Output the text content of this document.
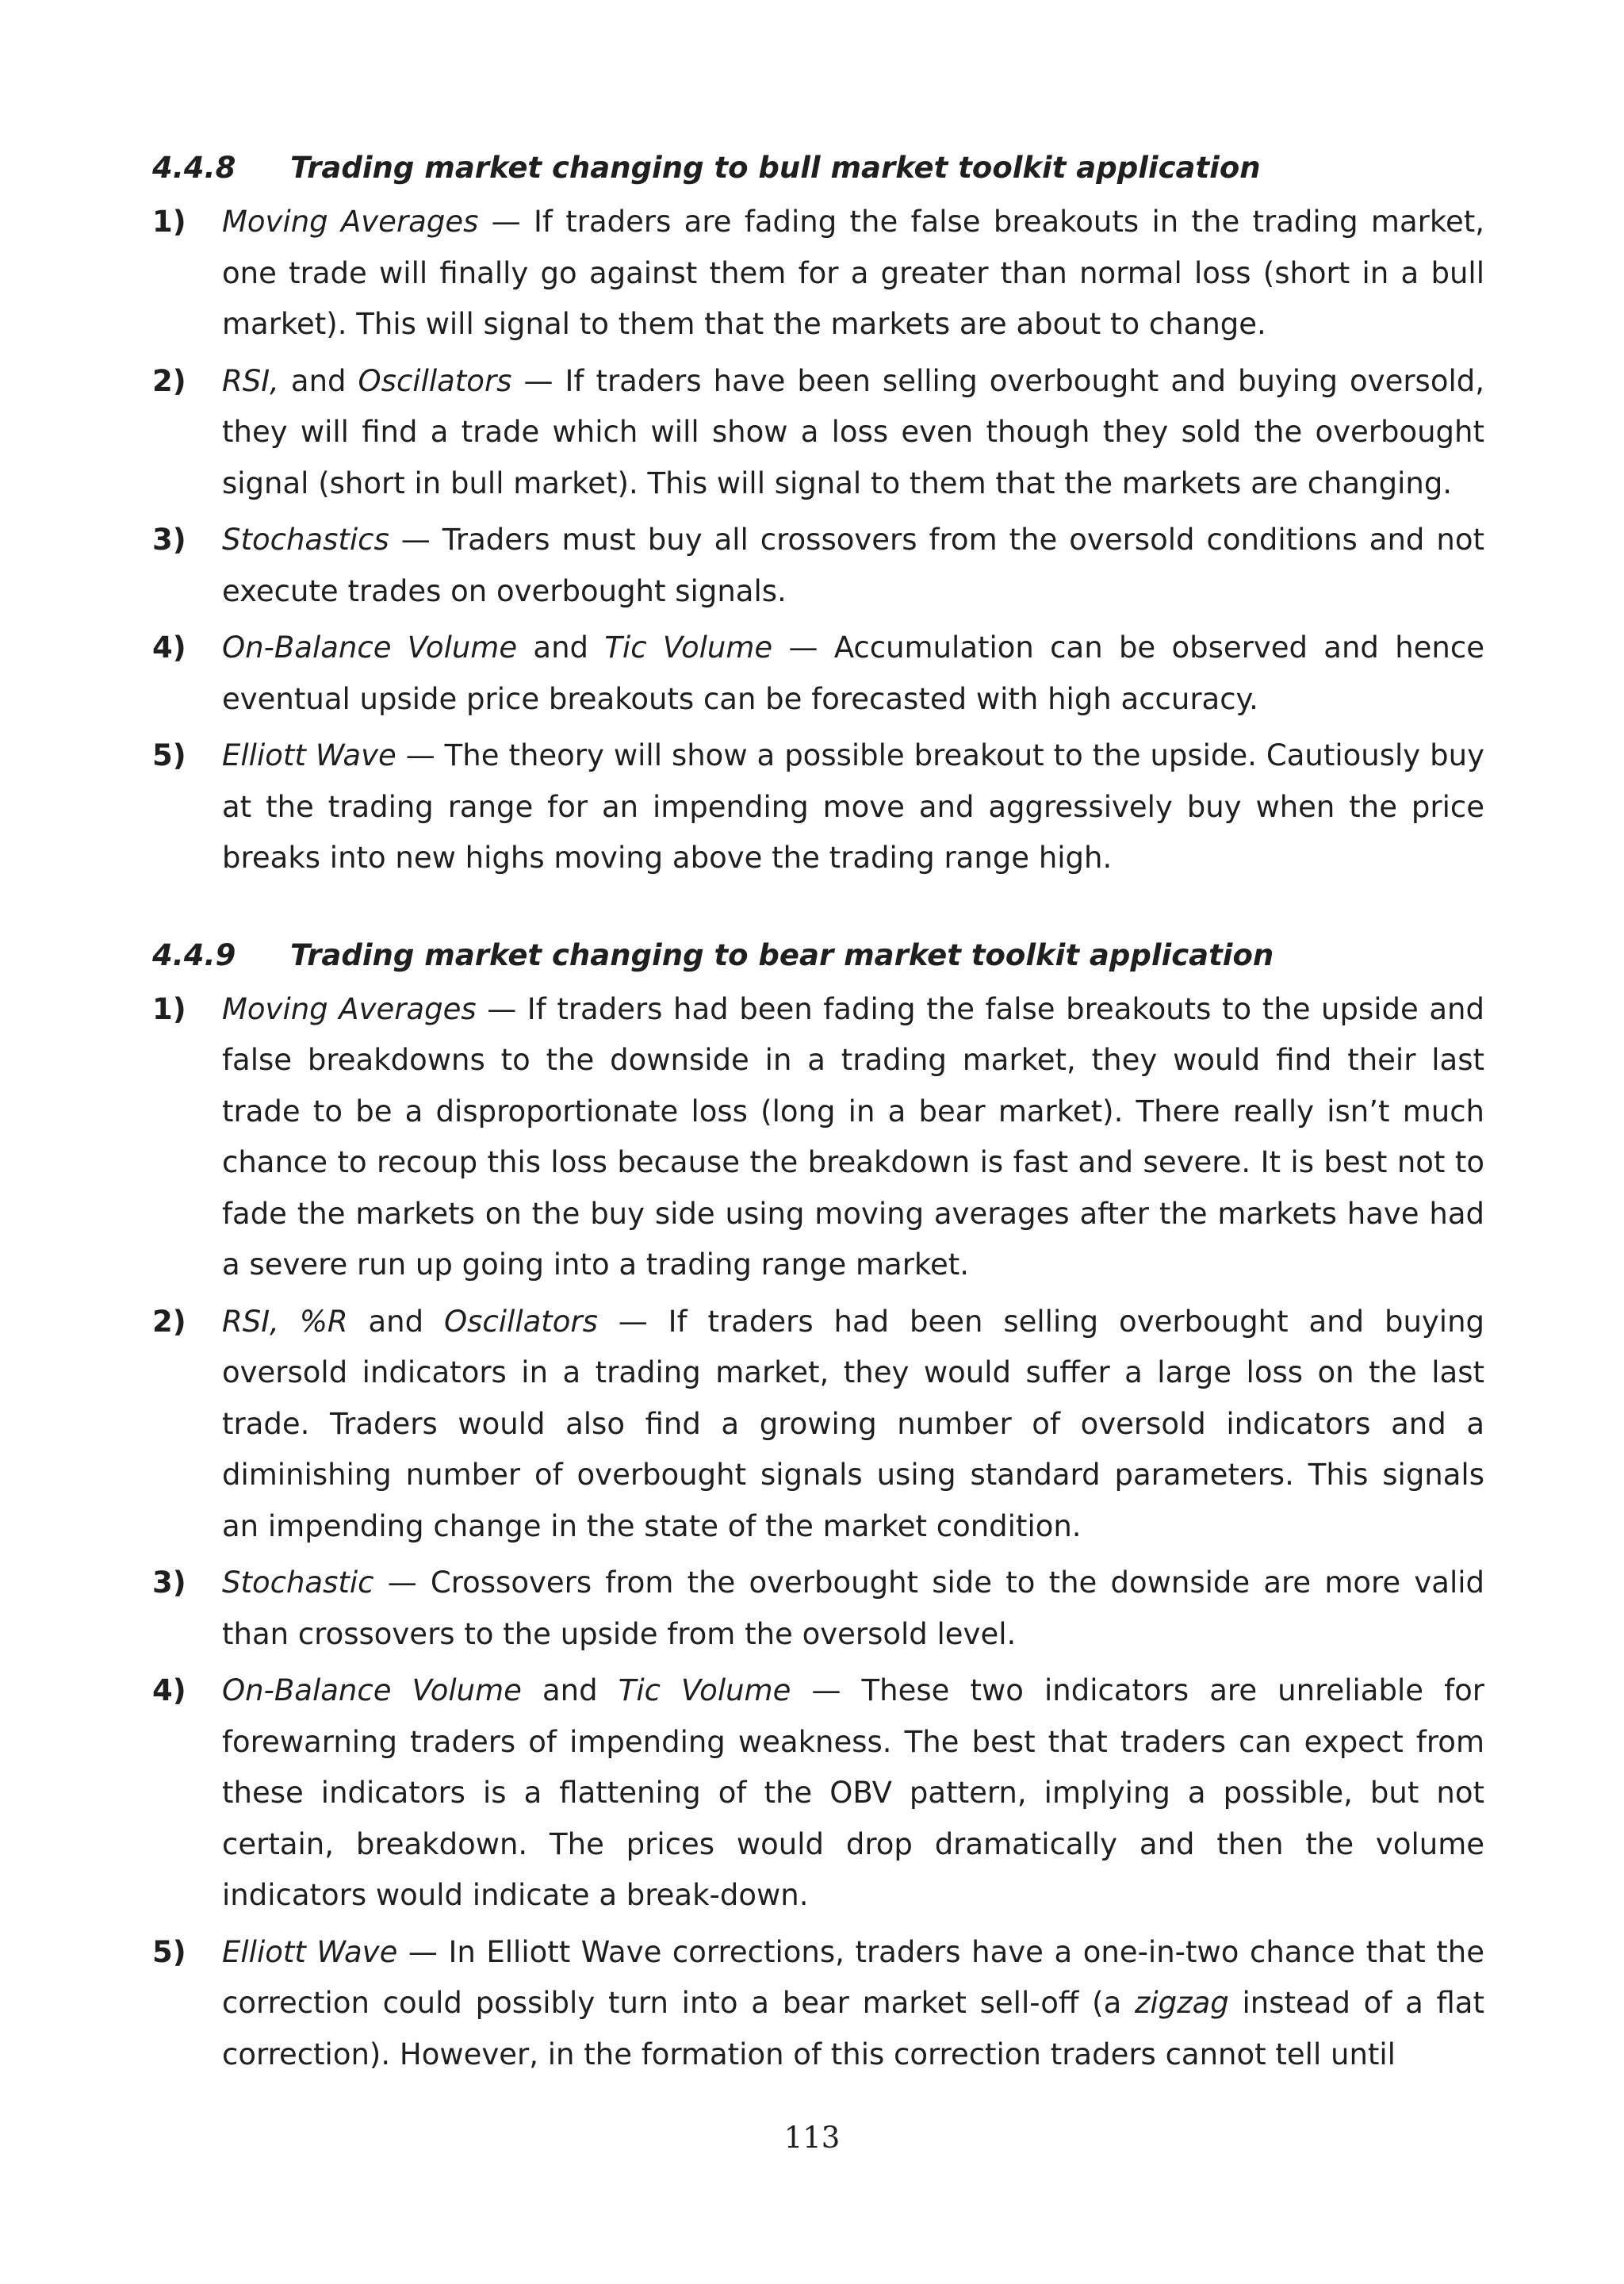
4.4.8	Trading market changing to bull market toolkit application
1) Moving Averages — If traders are fading the false breakouts in the trading market, one trade will finally go against them for a greater than normal loss (short in a bull market). This will signal to them that the markets are about to change.
2) RSI, and Oscillators — If traders have been selling overbought and buying oversold, they will find a trade which will show a loss even though they sold the overbought signal (short in bull market). This will signal to them that the markets are changing.
3) Stochastics — Traders must buy all crossovers from the oversold conditions and not execute trades on overbought signals.
4) On-Balance Volume and Tic Volume — Accumulation can be observed and hence eventual upside price breakouts can be forecasted with high accuracy.
5) Elliott Wave — The theory will show a possible breakout to the upside. Cautiously buy at the trading range for an impending move and aggressively buy when the price breaks into new highs moving above the trading range high.
4.4.9	Trading market changing to bear market toolkit application
1) Moving Averages — If traders had been fading the false breakouts to the upside and false breakdowns to the downside in a trading market, they would find their last trade to be a disproportionate loss (long in a bear market). There really isn’t much chance to recoup this loss because the breakdown is fast and severe. It is best not to fade the markets on the buy side using moving averages after the markets have had a severe run up going into a trading range market.
2) RSI, %R and Oscillators — If traders had been selling overbought and buying oversold indicators in a trading market, they would suffer a large loss on the last trade. Traders would also find a growing number of oversold indicators and a diminishing number of overbought signals using standard parameters. This signals an impending change in the state of the market condition.
3) Stochastic — Crossovers from the overbought side to the downside are more valid than crossovers to the upside from the oversold level.
4) On-Balance Volume and Tic Volume — These two indicators are unreliable for forewarning traders of impending weakness. The best that traders can expect from these indicators is a flattening of the OBV pattern, implying a possible, but not certain, breakdown. The prices would drop dramatically and then the volume indicators would indicate a break-down.
5) Elliott Wave — In Elliott Wave corrections, traders have a one-in-two chance that the correction could possibly turn into a bear market sell-off (a zigzag instead of a flat correction). However, in the formation of this correction traders cannot tell until
113
